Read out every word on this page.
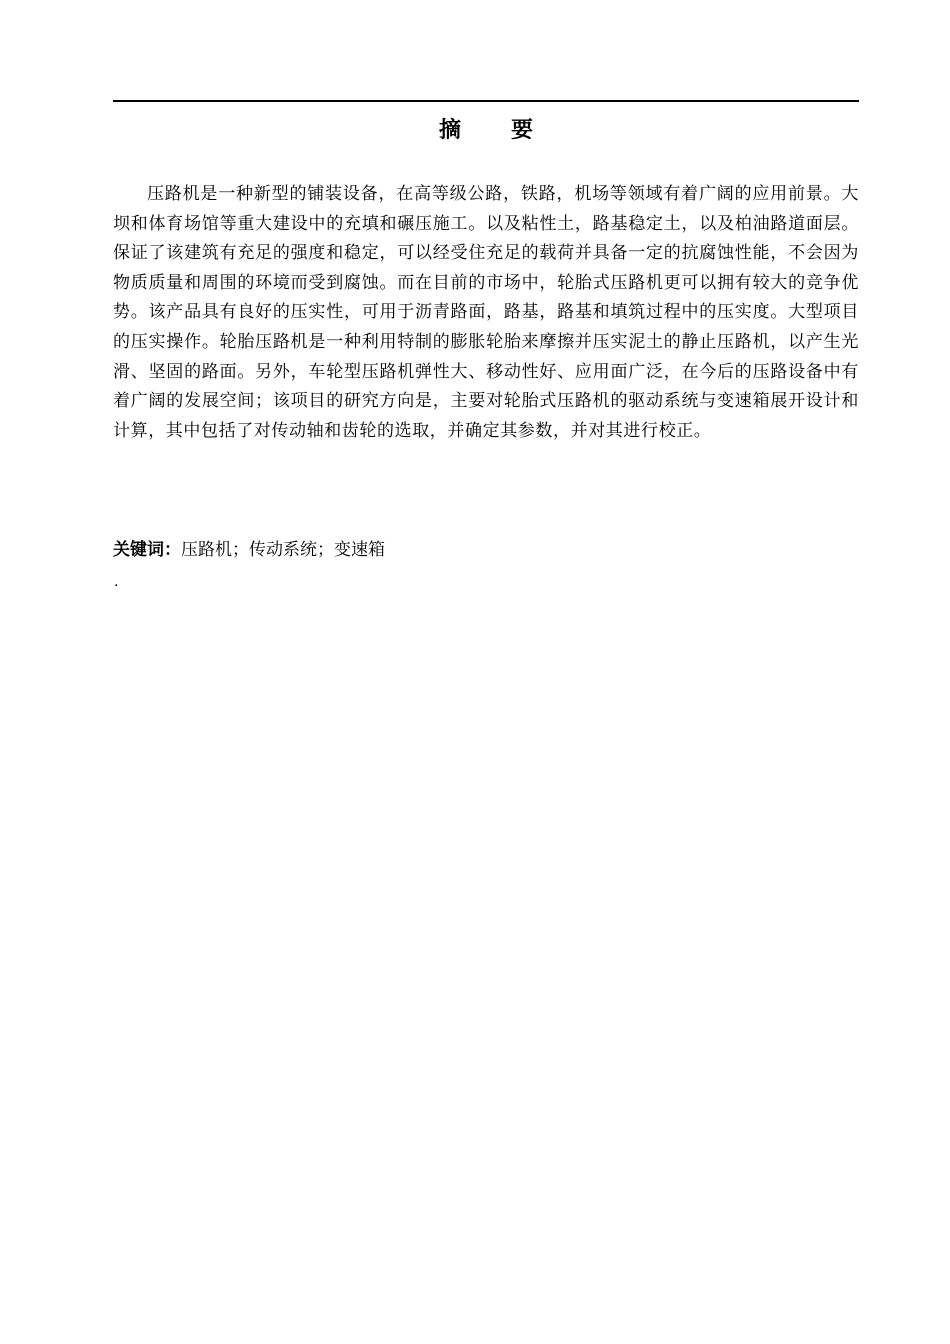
摘 要

压路机是一种新型的铺装设备，在高等级公路，铁路，机场等领域有着广阔的应用前景。大坝和体育场馆等重大建设中的充填和碾压施工。以及粘性土，路基稳定土，以及柏油路道面层。保证了该建筑有充足的强度和稳定，可以经受住充足的载荷并具备一定的抗腐蚀性能，不会因为物质质量和周围的环境而受到腐蚀。而在目前的市场中，轮胎式压路机更可以拥有较大的竞争优势。该产品具有良好的压实性，可用于沥青路面，路基，路基和填筑过程中的压实度。大型项目的压实操作。轮胎压路机是一种利用特制的膨胀轮胎来摩擦并压实泥土的静止压路机，以产生光滑、坚固的路面。另外，车轮型压路机弹性大、移动性好、应用面广泛，在今后的压路设备中有着广阔的发展空间；该项目的研究方向是，主要对轮胎式压路机的驱动系统与变速箱展开设计和计算，其中包括了对传动轴和齿轮的选取，并确定其参数，并对其进行校正。

关键词：压路机；传动系统；变速箱

.
